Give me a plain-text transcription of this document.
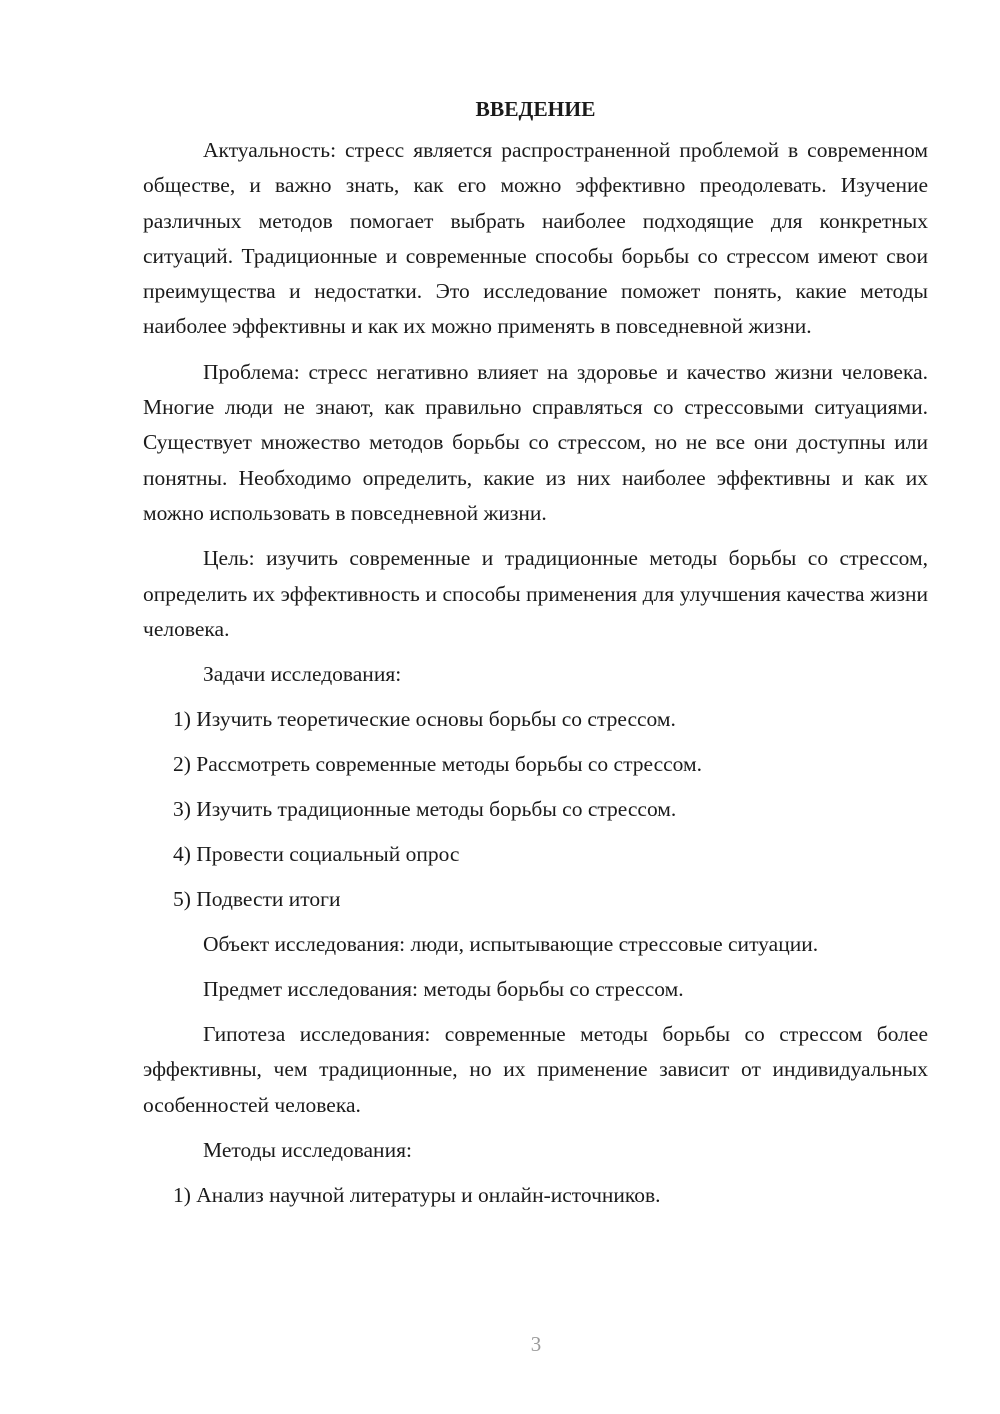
ВВЕДЕНИЕ

Актуальность: стресс является распространенной проблемой в современном обществе, и важно знать, как его можно эффективно преодолевать. Изучение различных методов помогает выбрать наиболее подходящие для конкретных ситуаций. Традиционные и современные способы борьбы со стрессом имеют свои преимущества и недостатки. Это исследование поможет понять, какие методы наиболее эффективны и как их можно применять в повседневной жизни.

Проблема: стресс негативно влияет на здоровье и качество жизни человека. Многие люди не знают, как правильно справляться со стрессовыми ситуациями. Существует множество методов борьбы со стрессом, но не все они доступны или понятны. Необходимо определить, какие из них наиболее эффективны и как их можно использовать в повседневной жизни.

Цель: изучить современные и традиционные методы борьбы со стрессом, определить их эффективность и способы применения для улучшения качества жизни человека.

Задачи исследования:
1) Изучить теоретические основы борьбы со стрессом.
2) Рассмотреть современные методы борьбы со стрессом.
3) Изучить традиционные методы борьбы со стрессом.
4) Провести социальный опрос
5) Подвести итоги
Объект исследования: люди, испытывающие стрессовые ситуации.
Предмет исследования: методы борьбы со стрессом.

Гипотеза исследования: современные методы борьбы со стрессом более эффективны, чем традиционные, но их применение зависит от индивидуальных особенностей человека.

Методы исследования:
1) Анализ научной литературы и онлайн-источников.
3
